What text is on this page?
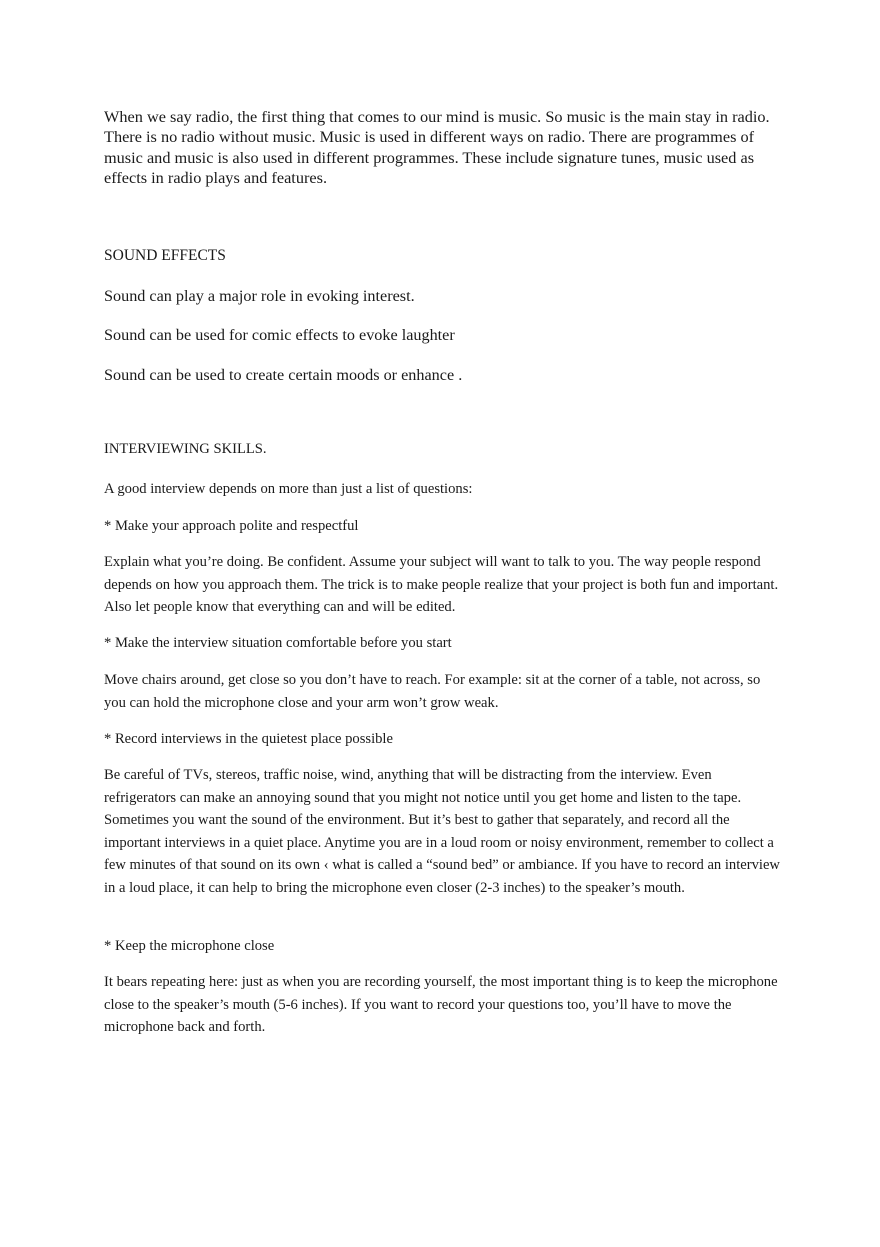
When we say radio, the first thing that comes to our mind is music. So music is the main stay in radio. There is no radio without music. Music is used in different ways on radio. There are programmes of music and music is also used in different programmes. These include signature tunes, music used as effects in radio plays and features.

SOUND EFFECTS

Sound can play a major role in evoking interest.

Sound can be used for comic effects to evoke laughter

Sound can be used to create certain moods or enhance .

INTERVIEWING SKILLS.

A good interview depends on more than just a list of questions:

* Make your approach polite and respectful

Explain what you’re doing. Be confident. Assume your subject will want to talk to you. The way people respond depends on how you approach them. The trick is to make people realize that your project is both fun and important. Also let people know that everything can and will be edited.

* Make the interview situation comfortable before you start

Move chairs around, get close so you don’t have to reach. For example: sit at the corner of a table, not across, so you can hold the microphone close and your arm won’t grow weak.

* Record interviews in the quietest place possible

Be careful of TVs, stereos, traffic noise, wind, anything that will be distracting from the interview. Even refrigerators can make an annoying sound that you might not notice until you get home and listen to the tape. Sometimes you want the sound of the environment. But it’s best to gather that separately, and record all the important interviews in a quiet place. Anytime you are in a loud room or noisy environment, remember to collect a few minutes of that sound on its own ‹ what is called a “sound bed” or ambiance. If you have to record an interview in a loud place, it can help to bring the microphone even closer (2-3 inches) to the speaker’s mouth.

* Keep the microphone close

It bears repeating here: just as when you are recording yourself, the most important thing is to keep the microphone close to the speaker’s mouth (5-6 inches). If you want to record your questions too, you’ll have to move the microphone back and forth.
